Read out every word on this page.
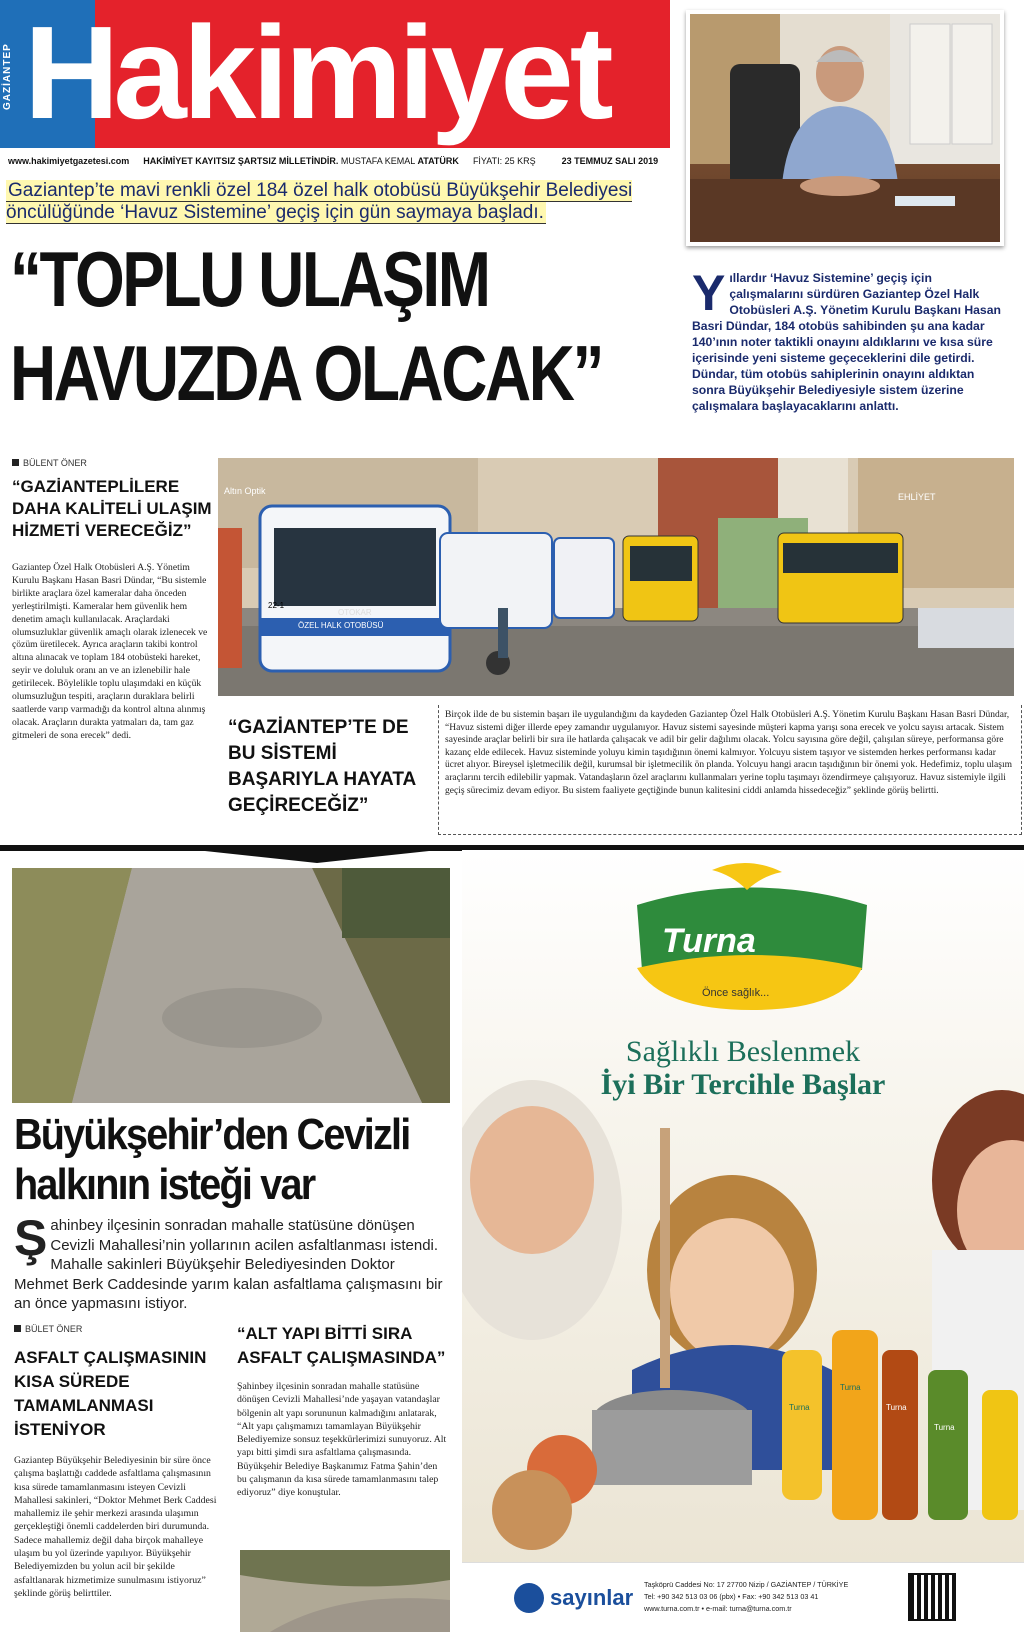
GAZİANTEP Hakimiyet
www.hakimiyetgazetesi.com HAKİMİYET KAYITSIZ ŞARTSIZ MİLLETİNDİR. MUSTAFA KEMAL ATATÜRK FİYATI: 25 KRŞ	23 TEMMUZ SALI 2019
Gaziantep’te mavi renkli özel 184 özel halk otobüsü Büyükşehir Belediyesi öncülüğünde ‘Havuz Sistemine’ geçiş için gün saymaya başladı.
“TOPLU ULAŞIM
HAVUZDA OLACAK”
Y ıllardır ‘Havuz Sistemine’ geçiş için çalışmalarını sürdüren Gaziantep Özel Halk Otobüsleri A.Ş. Yönetim Kurulu Başkanı Hasan Basri Dündar, 184 otobüs sahibinden şu ana kadar 140’ının noter taktikli onayını aldıklarını ve kısa süre içerisinde yeni sisteme geçeceklerini dile getirdi. Dündar, tüm otobüs sahiplerinin onayını aldıktan sonra Büyükşehir Belediyesiyle sistem üzerine çalışmalara başlayacaklarını anlattı.
BÜLENT ÖNER
“GAZİANTEPLİLERE DAHA KALİTELİ ULAŞIM HİZMETİ VERECEĞİZ”
Gaziantep Özel Halk Otobüsleri A.Ş. Yönetim Kurulu Başkanı Hasan Basri Dündar, “Bu sistemle birlikte araçlara özel kameralar daha önceden yerleştirilmişti. Kameralar hem güvenlik hem denetim amaçlı kullanılacak. Araçlardaki olumsuzluklar güvenlik amaçlı olarak izlenecek ve çözüm üretilecek. Ayrıca araçların takibi kontrol altına alınacak ve toplam 184 otobüsteki hareket, seyir ve doluluk oranı an ve an izlenebilir hale getirilecek. Böylelikle toplu ulaşımdaki en küçük olumsuzluğun tespiti, araçların duraklara belirli saatlerde varıp varmadığı da kontrol altına alınmış olacak. Araçların durakta yatmaları da, tam gaz gitmeleri de sona erecek” dedi.
ÖZEL HALK OTOBÜSÜ
OTOKAR
22-1
Altın Optik
EHLİYET
“GAZİANTEP’TE DE BU SİSTEMİ BAŞARIYLA HAYATA GEÇİRECEĞİZ”
Birçok ilde de bu sistemin başarı ile uygulandığını da kaydeden Gaziantep Özel Halk Otobüsleri A.Ş. Yönetim Kurulu Başkanı Hasan Basri Dündar, “Havuz sistemi diğer illerde epey zamandır uygulanıyor. Havuz sistemi sayesinde müşteri kapma yarışı sona erecek ve yolcu sayısı artacak. Sistem sayesinde araçlar belirli bir sıra ile hatlarda çalışacak ve adil bir gelir dağılımı olacak. Yolcu sayısına göre değil, çalışılan süreye, performansa göre kazanç elde edilecek. Havuz sisteminde yoluyu kimin taşıdığının önemi kalmıyor. Yolcuyu sistem taşıyor ve sistemden herkes performansı kadar ücret alıyor. Bireysel işletmecilik değil, kurumsal bir işletmecilik ön planda. Yolcuyu hangi aracın taşıdığının bir önemi yok. Hedefimiz, toplu ulaşım araçlarını tercih edilebilir yapmak. Vatandaşların özel araçlarını kullanmaları yerine toplu taşımayı özendirmeye çalışıyoruz. Havuz sistemiyle ilgili geçiş sürecimiz devam ediyor. Bu sistem faaliyete geçtiğinde bunun kalitesini ciddi anlamda hissedeceğiz” şeklinde görüş belirtti.
Büyükşehir’den Cevizli
halkının isteği var
Ş ahinbey ilçesinin sonradan mahalle statüsüne dönüşen Cevizli Mahallesi’nin yollarının acilen asfaltlanması istendi. Mahalle sakinleri Büyükşehir Belediyesinden Doktor Mehmet Berk Caddesinde yarım kalan asfaltlama çalışmasını bir an önce yapmasını istiyor.
BÜLET ÖNER
ASFALT ÇALIŞMASININ KISA SÜREDE TAMAMLANMASI İSTENİYOR
Gaziantep Büyükşehir Belediyesinin bir süre önce çalışma başlattığı caddede asfaltlama çalışmasının kısa sürede tamamlanmasını isteyen Cevizli Mahallesi sakinleri, “Doktor Mehmet Berk Caddesi mahallemiz ile şehir merkezi arasında ulaşımın gerçekleştiği önemli caddelerden biri durumunda. Sadece mahallemiz değil daha birçok mahalleye ulaşım bu yol üzerinde yapılıyor. Büyükşehir Belediyemizden bu yolun acil bir şekilde asfaltlanarak hizmetimize sunulmasını istiyoruz” şeklinde görüş belirttiler.
“ALT YAPI BİTTİ SIRA ASFALT ÇALIŞMASINDA”
Şahinbey ilçesinin sonradan mahalle statüsüne dönüşen Cevizli Mahallesi’nde yaşayan vatandaşlar bölgenin alt yapı sorununun kalmadığını anlatarak, “Alt yapı çalışmamızı tamamlayan Büyükşehir Belediyemize sonsuz teşekkürlerimizi sunuyoruz. Alt yapı bitti şimdi sıra asfaltlama çalışmasında. Büyükşehir Belediye Başkanımız Fatma Şahin’den bu çalışmanın da kısa sürede tamamlanmasını talep ediyoruz” diye konuştular.
Turna
Önce sağlık...
Turna
Turna
Turna
Turna
Sağlıklı Beslenmek
İyi Bir Tercihle Başlar
sayınlar
Taşköprü Caddesi No: 17 27700 Nizip / GAZİANTEP / TÜRKİYE
Tel: +90 342 513 03 06 (pbx) • Fax: +90 342 513 03 41
www.turna.com.tr • e-mail: turna@turna.com.tr
